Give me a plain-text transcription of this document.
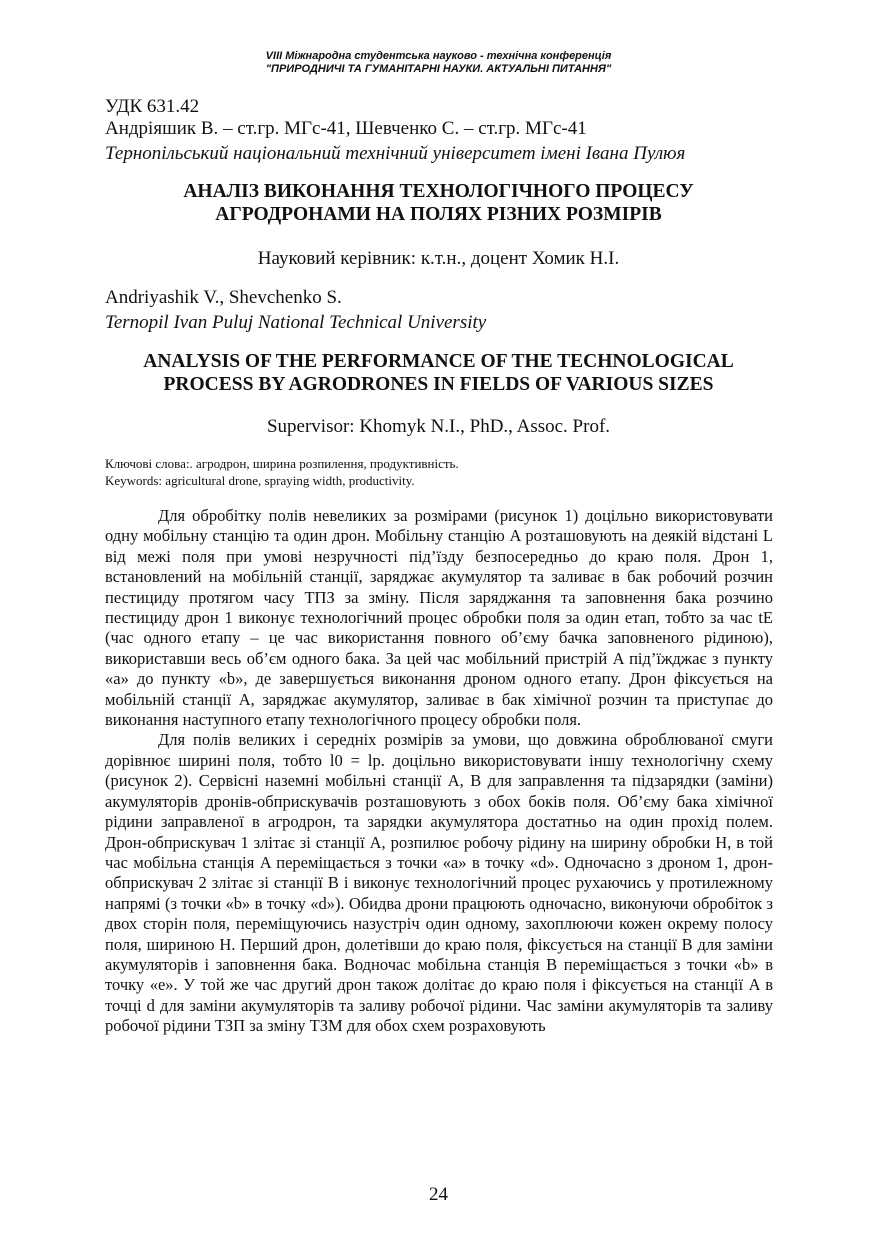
VIII Міжнародна студентська науково - технічна конференція
"ПРИРОДНИЧІ ТА ГУМАНІТАРНІ НАУКИ. АКТУАЛЬНІ ПИТАННЯ"
УДК 631.42
Андріяшик В. – ст.гр. МГс-41, Шевченко С. – ст.гр. МГс-41
Тернопільський національний технічний університет імені Івана Пулюя
АНАЛІЗ ВИКОНАННЯ ТЕХНОЛОГІЧНОГО ПРОЦЕСУ
АГРОДРОНАМИ НА ПОЛЯХ РІЗНИХ РОЗМІРІВ
Науковий керівник: к.т.н., доцент Хомик Н.І.
Andriyashik V., Shevchenko S.
Ternopil Ivan Puluj National Technical University
ANALYSIS OF THE PERFORMANCE OF THE TECHNOLOGICAL
PROCESS BY AGRODRONES IN FIELDS OF VARIOUS SIZES
Supervisor: Khomyk N.I., PhD., Assoc. Prof.
Ключові слова:. агродрон, ширина розпилення, продуктивність.
Keywords: agricultural drone, spraying width, productivity.

Для обробітку полів невеликих за розмірами (рисунок 1) доцільно використовувати одну мобільну станцію та один дрон. Мобільну станцію A розташовують на деякій відстані L від межі поля при умові незручності під’їзду безпосередньо до краю поля. Дрон 1, встановлений на мобільній станції, заряджає акумулятор та заливає в бак робочий розчин пестициду протягом часу TПЗ за зміну. Після заряджання та заповнення бака розчино пестициду дрон 1 виконує технологічний процес обробки поля за один етап, тобто за час tE (час одного етапу – це час використання повного об’єму бачка заповненого рідиною), використавши весь об’єм одного бака. За цей час мобільний пристрій A під’їжджає з пункту «a» до пункту «b», де завершується виконання дроном одного етапу. Дрон фіксується на мобільній станції A, заряджає акумулятор, заливає в бак хімічної розчин та приступає до виконання наступного етапу технологічного процесу обробки поля.

Для полів великих і середніх розмірів за умови, що довжина оброблюваної смуги дорівнює ширині поля, тобто l0 = lp. доцільно використовувати іншу технологічну схему (рисунок 2). Сервісні наземні мобільні станції A, B для заправлення та підзарядки (заміни) акумуляторів дронів-обприскувачів розташовують з обох боків поля. Об’єму бака хімічної рідини заправленої в агродрон, та зарядки акумулятора достатньо на один прохід полем. Дрон-обприскувач 1 злітає зі станції A, розпилює робочу рідину на ширину обробки H, в той час мобільна станція A переміщається з точки «a» в точку «d». Одночасно з дроном 1, дрон-обприскувач 2 злітає зі станції B і виконує технологічний процес рухаючись у протилежному напрямі (з точки «b» в точку «d»). Обидва дрони працюють одночасно, виконуючи обробіток з двох сторін поля, переміщуючись назустріч один одному, захоплюючи кожен окрему полосу поля, шириною H. Перший дрон, долетівши до краю поля, фіксується на станції B для заміни акумуляторів і заповнення бака. Водночас мобільна станція B переміщається з точки «b» в точку «e». У той же час другий дрон також долітає до краю поля і фіксується на станції A в точці d для заміни акумуляторів та заливу робочої рідини. Час заміни акумуляторів та заливу робочої рідини TЗП за зміну TЗМ для обох схем розраховують

24
